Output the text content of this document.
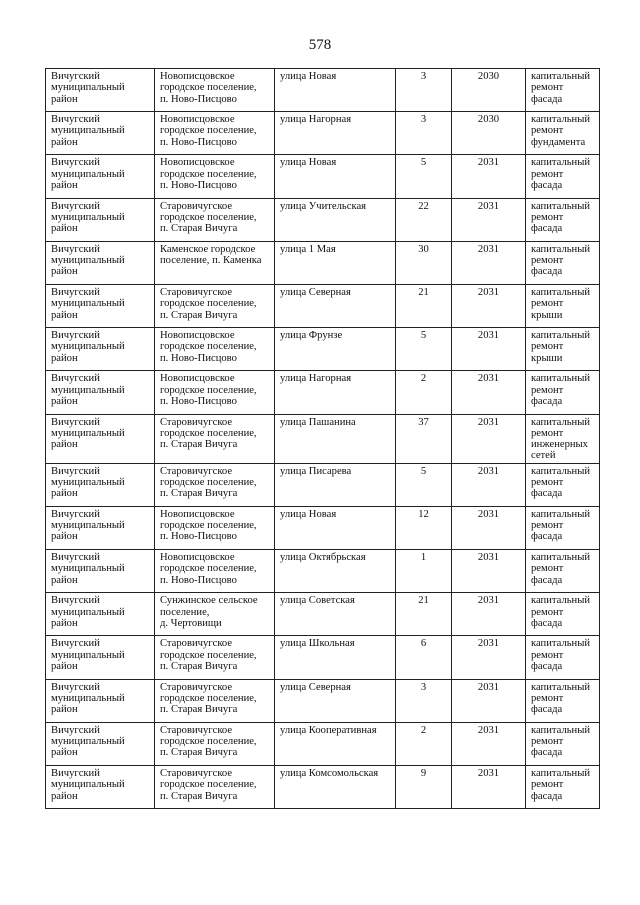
578
Вичугский
муниципальный
район	Новописцовское
городское поселение,
п. Ново-Писцово	улица Новая	3	2030	капитальный
ремонт фасада
Вичугский
муниципальный
район	Новописцовское
городское поселение,
п. Ново-Писцово	улица Нагорная	3	2030	капитальный
ремонт
фундамента
Вичугский
муниципальный
район	Новописцовское
городское поселение,
п. Ново-Писцово	улица Новая	5	2031	капитальный
ремонт фасада
Вичугский
муниципальный
район	Старовичугское
городское поселение,
п. Старая Вичуга	улица Учительская	22	2031	капитальный
ремонт фасада
Вичугский
муниципальный
район	Каменское городское
поселение, п. Каменка	улица 1 Мая	30	2031	капитальный
ремонт фасада
Вичугский
муниципальный
район	Старовичугское
городское поселение,
п. Старая Вичуга	улица Северная	21	2031	капитальный
ремонт крыши
Вичугский
муниципальный
район	Новописцовское
городское поселение,
п. Ново-Писцово	улица Фрунзе	5	2031	капитальный
ремонт крыши
Вичугский
муниципальный
район	Новописцовское
городское поселение,
п. Ново-Писцово	улица Нагорная	2	2031	капитальный
ремонт фасада
Вичугский
муниципальный
район	Старовичугское
городское поселение,
п. Старая Вичуга	улица Пашанина	37	2031	капитальный
ремонт
инженерных
сетей
Вичугский
муниципальный
район	Старовичугское
городское поселение,
п. Старая Вичуга	улица Писарева	5	2031	капитальный
ремонт фасада
Вичугский
муниципальный
район	Новописцовское
городское поселение,
п. Ново-Писцово	улица Новая	12	2031	капитальный
ремонт фасада
Вичугский
муниципальный
район	Новописцовское
городское поселение,
п. Ново-Писцово	улица Октябрьская	1	2031	капитальный
ремонт фасада
Вичугский
муниципальный
район	Сунжинское сельское
поселение,
д. Чертовищи	улица Советская	21	2031	капитальный
ремонт фасада
Вичугский
муниципальный
район	Старовичугское
городское поселение,
п. Старая Вичуга	улица Школьная	6	2031	капитальный
ремонт фасада
Вичугский
муниципальный
район	Старовичугское
городское поселение,
п. Старая Вичуга	улица Северная	3	2031	капитальный
ремонт фасада
Вичугский
муниципальный
район	Старовичугское
городское поселение,
п. Старая Вичуга	улица Кооперативная	2	2031	капитальный
ремонт фасада
Вичугский
муниципальный
район	Старовичугское
городское поселение,
п. Старая Вичуга	улица Комсомольская	9	2031	капитальный
ремонт фасада
